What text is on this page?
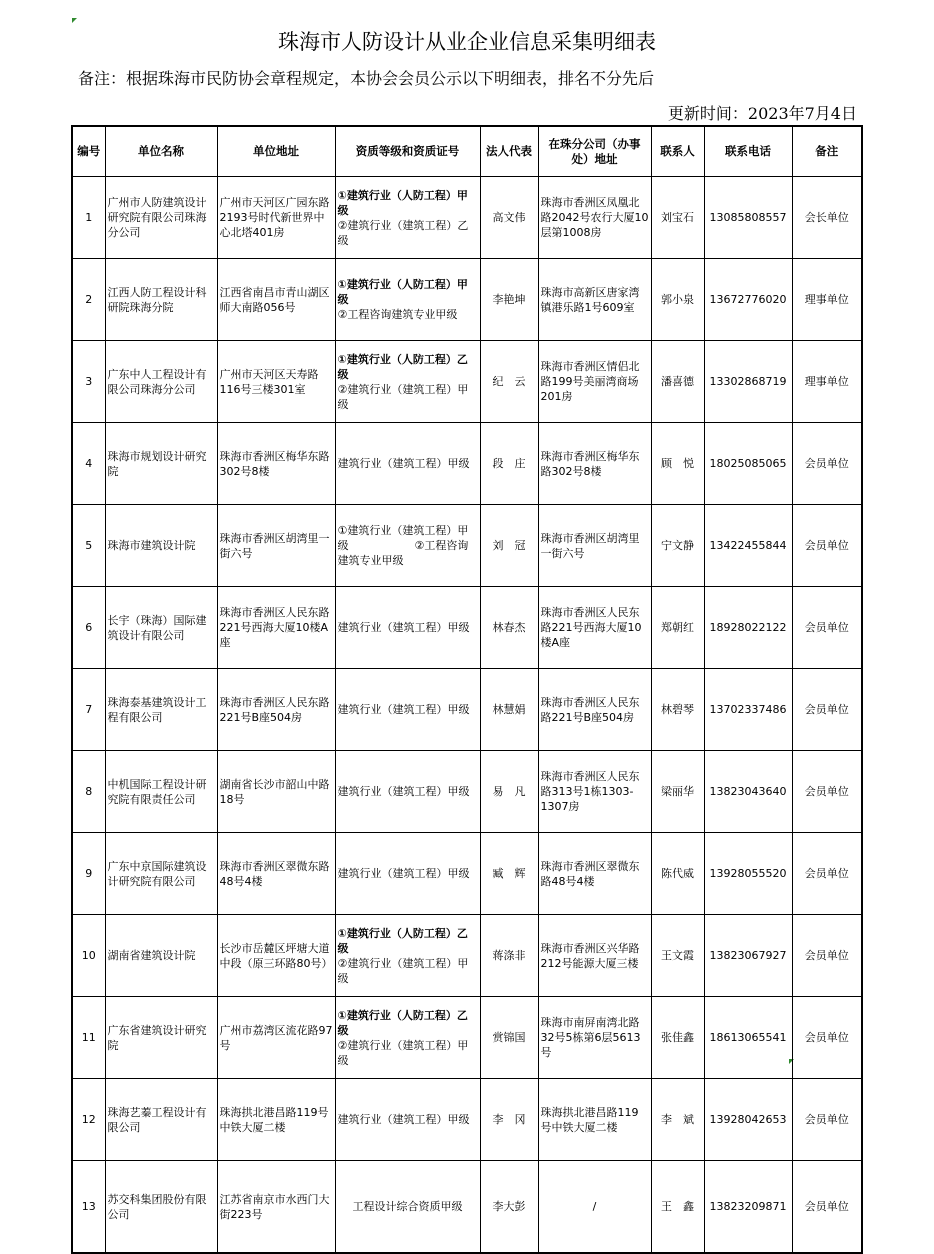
珠海市人防设计从业企业信息采集明细表

备注：根据珠海市民防协会章程规定，本协会会员公示以下明细表，排名不分先后

更新时间：2023年7月4日

编号	单位名称	单位地址	资质等级和资质证号	法人代表	在珠分公司（办事处）地址	联系人	联系电话	备注
1	广州市人防建筑设计研究院有限公司珠海分公司	广州市天河区广园东路2193号时代新世界中心北塔401房	①建筑行业（人防工程）甲级
②建筑行业（建筑工程）乙级	高文伟	珠海市香洲区凤凰北路2042号农行大厦10层第1008房	刘宝石	13085808557	会长单位
2	江西人防工程设计科研院珠海分院	江西省南昌市青山湖区师大南路056号	①建筑行业（人防工程）甲级
②工程咨询建筑专业甲级	李艳坤	珠海市高新区唐家湾镇港乐路1号609室	郭小泉	13672776020	理事单位
3	广东中人工程设计有限公司珠海分公司	广州市天河区天寿路116号三楼301室	①建筑行业（人防工程）乙级
②建筑行业（建筑工程）甲级	纪　云	珠海市香洲区情侣北路199号美丽湾商场201房	潘喜德	13302868719	理事单位
4	珠海市规划设计研究院	珠海市香洲区梅华东路302号8楼	建筑行业（建筑工程）甲级	段　庄	珠海市香洲区梅华东路302号8楼	顾　悦	18025085065	会员单位
5	珠海市建筑设计院	珠海市香洲区胡湾里一街六号	①建筑行业（建筑工程）甲级　　　　　　②工程咨询建筑专业甲级	刘　冠	珠海市香洲区胡湾里一街六号	宁文静	13422455844	会员单位
6	长宇（珠海）国际建筑设计有限公司	珠海市香洲区人民东路221号西海大厦10楼A座	建筑行业（建筑工程）甲级	林春杰	珠海市香洲区人民东路221号西海大厦10楼A座	郑朝红	18928022122	会员单位
7	珠海泰基建筑设计工程有限公司	珠海市香洲区人民东路221号B座504房	建筑行业（建筑工程）甲级	林慧娟	珠海市香洲区人民东路221号B座504房	林碧琴	13702337486	会员单位
8	中机国际工程设计研究院有限责任公司	湖南省长沙市韶山中路18号	建筑行业（建筑工程）甲级	易　凡	珠海市香洲区人民东路313号1栋1303-1307房	梁丽华	13823043640	会员单位
9	广东中京国际建筑设计研究院有限公司	珠海市香洲区翠微东路48号4楼	建筑行业（建筑工程）甲级	臧　辉	珠海市香洲区翠微东路48号4楼	陈代威	13928055520	会员单位
10	湖南省建筑设计院	长沙市岳麓区坪塘大道中段（原三环路80号）	①建筑行业（人防工程）乙级
②建筑行业（建筑工程）甲级	蒋涤非	珠海市香洲区兴华路212号能源大厦三楼	王文霞	13823067927	会员单位
11	广东省建筑设计研究院	广州市荔湾区流花路97号	①建筑行业（人防工程）乙级
②建筑行业（建筑工程）甲级	赏锦国	珠海市南屏南湾北路32号5栋第6层5613号	张佳鑫	18613065541	会员单位
12	珠海艺蓁工程设计有限公司	珠海拱北港昌路119号中铁大厦二楼	建筑行业（建筑工程）甲级	李　冈	珠海拱北港昌路119号中铁大厦二楼	李　斌	13928042653	会员单位
13	苏交科集团股份有限公司	江苏省南京市水西门大街223号	工程设计综合资质甲级	李大彭	/	王　鑫	13823209871	会员单位
